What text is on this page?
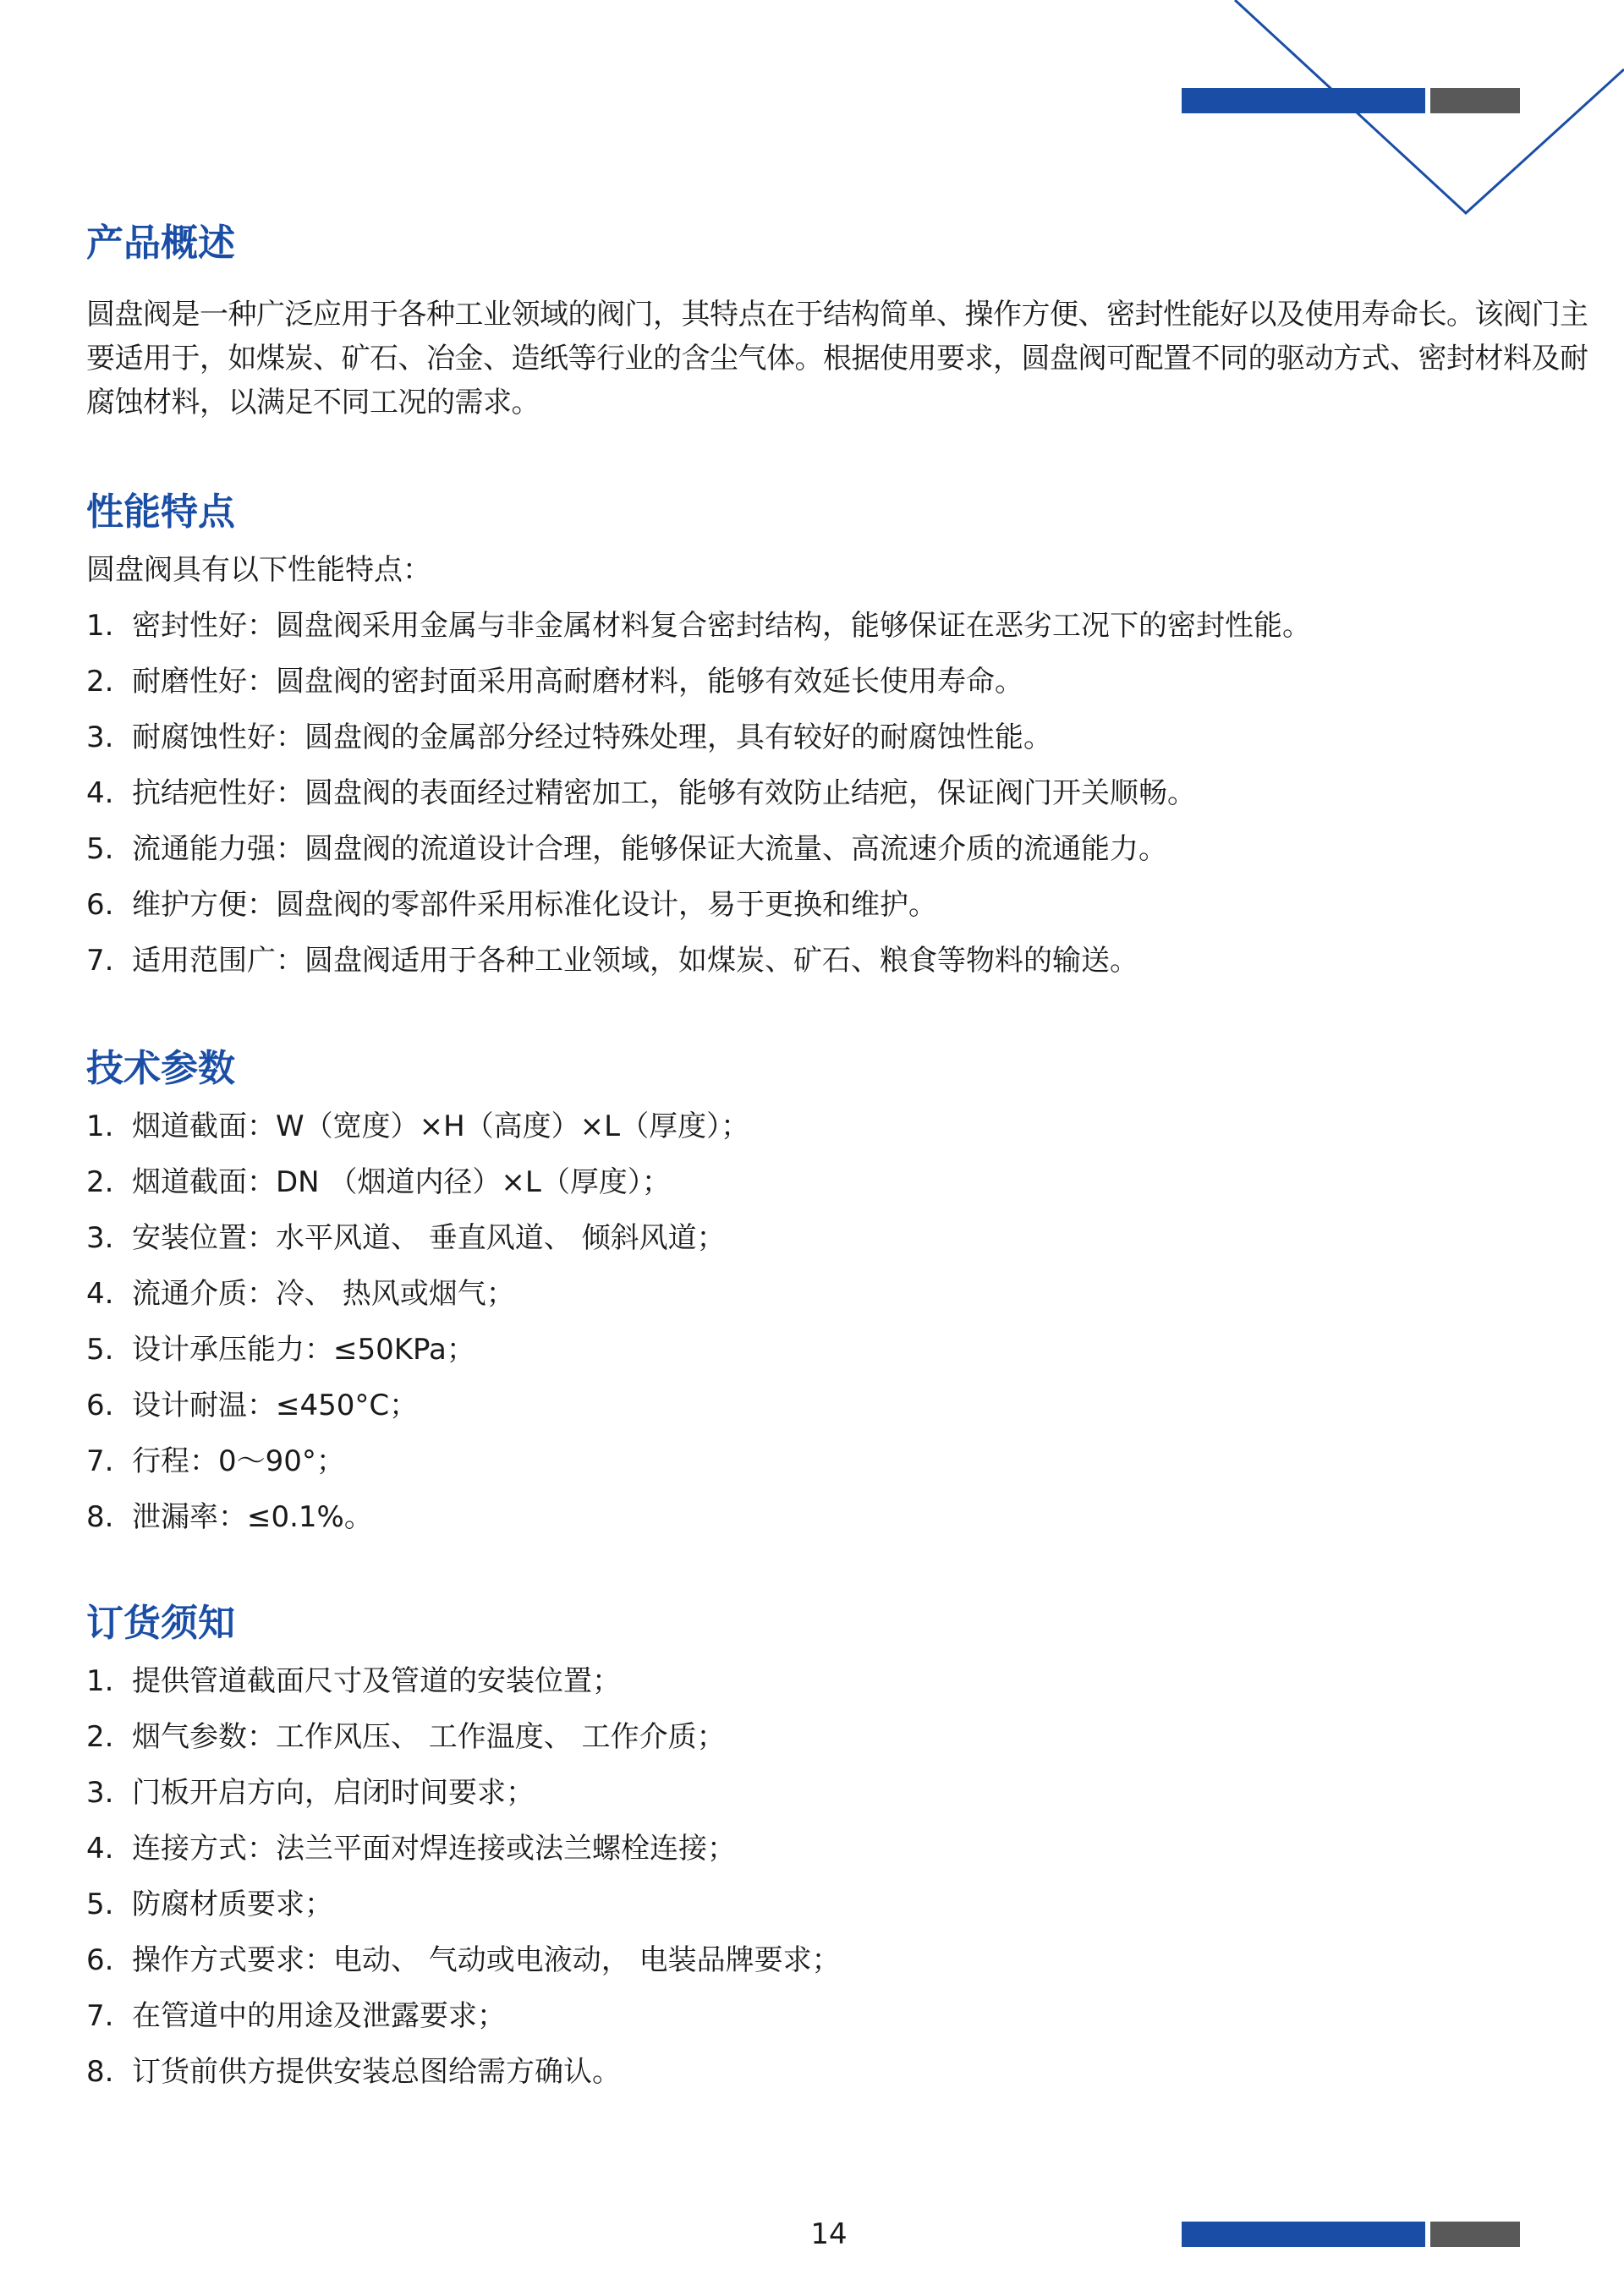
产品概述

圆盘阀是一种广泛应用于各种工业领域的阀门，其特点在于结构简单、操作方便、密封性能好以及使用寿命长。该阀门主要适用于，如煤炭、矿石、冶金、造纸等行业的含尘气体。根据使用要求，圆盘阀可配置不同的驱动方式、密封材料及耐腐蚀材料，以满足不同工况的需求。

性能特点
圆盘阀具有以下性能特点：
1. 密封性好：圆盘阀采用金属与非金属材料复合密封结构，能够保证在恶劣工况下的密封性能。
2. 耐磨性好：圆盘阀的密封面采用高耐磨材料，能够有效延长使用寿命。
3. 耐腐蚀性好：圆盘阀的金属部分经过特殊处理，具有较好的耐腐蚀性能。
4. 抗结疤性好：圆盘阀的表面经过精密加工，能够有效防止结疤，保证阀门开关顺畅。
5. 流通能力强：圆盘阀的流道设计合理，能够保证大流量、高流速介质的流通能力。
6. 维护方便：圆盘阀的零部件采用标准化设计，易于更换和维护。
7. 适用范围广：圆盘阀适用于各种工业领域，如煤炭、矿石、粮食等物料的输送。
技术参数
1. 烟道截面：W（宽度）×H（高度）×L（厚度）；
2. 烟道截面：DN （烟道内径）×L（厚度）；
3. 安装位置：水平风道、 垂直风道、 倾斜风道；
4. 流通介质：冷、 热风或烟气；
5. 设计承压能力：≤50KPa；
6. 设计耐温：≤450°C；
7. 行程：0～90°；
8. 泄漏率：≤0.1%。
订货须知
1. 提供管道截面尺寸及管道的安装位置；
2. 烟气参数：工作风压、 工作温度、 工作介质；
3. 门板开启方向，启闭时间要求；
4. 连接方式：法兰平面对焊连接或法兰螺栓连接；
5. 防腐材质要求；
6. 操作方式要求：电动、 气动或电液动， 电装品牌要求；
7. 在管道中的用途及泄露要求；
8. 订货前供方提供安装总图给需方确认。
14
